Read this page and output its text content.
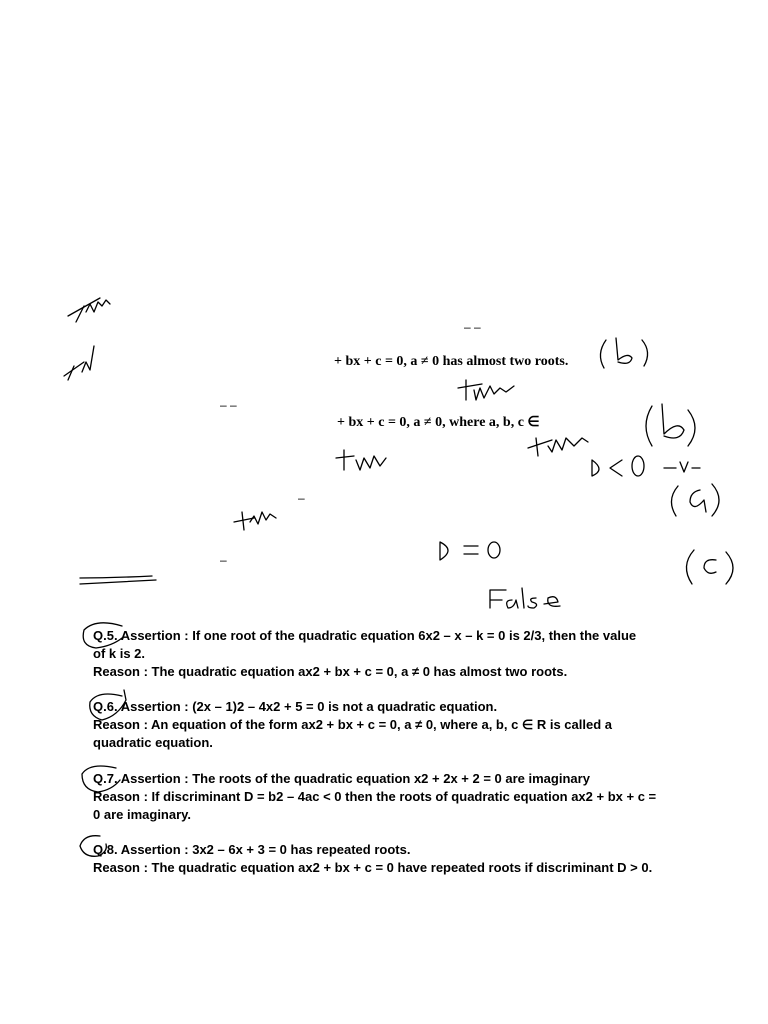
– –
+ bx + c = 0, a ≠ 0 has almost two roots.
– –
+ bx + c = 0, a ≠ 0, where a, b, c ∈
–
–

Q.5. Assertion : If one root of the quadratic equation 6x2 – x – k = 0 is 2/3, then the value

of k is 2.

Reason : The quadratic equation ax2 + bx + c = 0, a ≠ 0 has almost two roots.

Q.6. Assertion : (2x – 1)2 – 4x2 + 5 = 0 is not a quadratic equation.

Reason : An equation of the form ax2 + bx + c = 0, a ≠ 0, where a, b, c ∈ R is called a

quadratic equation.

Q.7. Assertion : The roots of the quadratic equation x2 + 2x + 2 = 0 are imaginary

Reason : If discriminant D = b2 – 4ac < 0 then the roots of quadratic equation ax2 + bx + c =

0 are imaginary.

Q.8. Assertion : 3x2 – 6x + 3 = 0 has repeated roots.

Reason : The quadratic equation ax2 + bx + c = 0 have repeated roots if discriminant D > 0.
